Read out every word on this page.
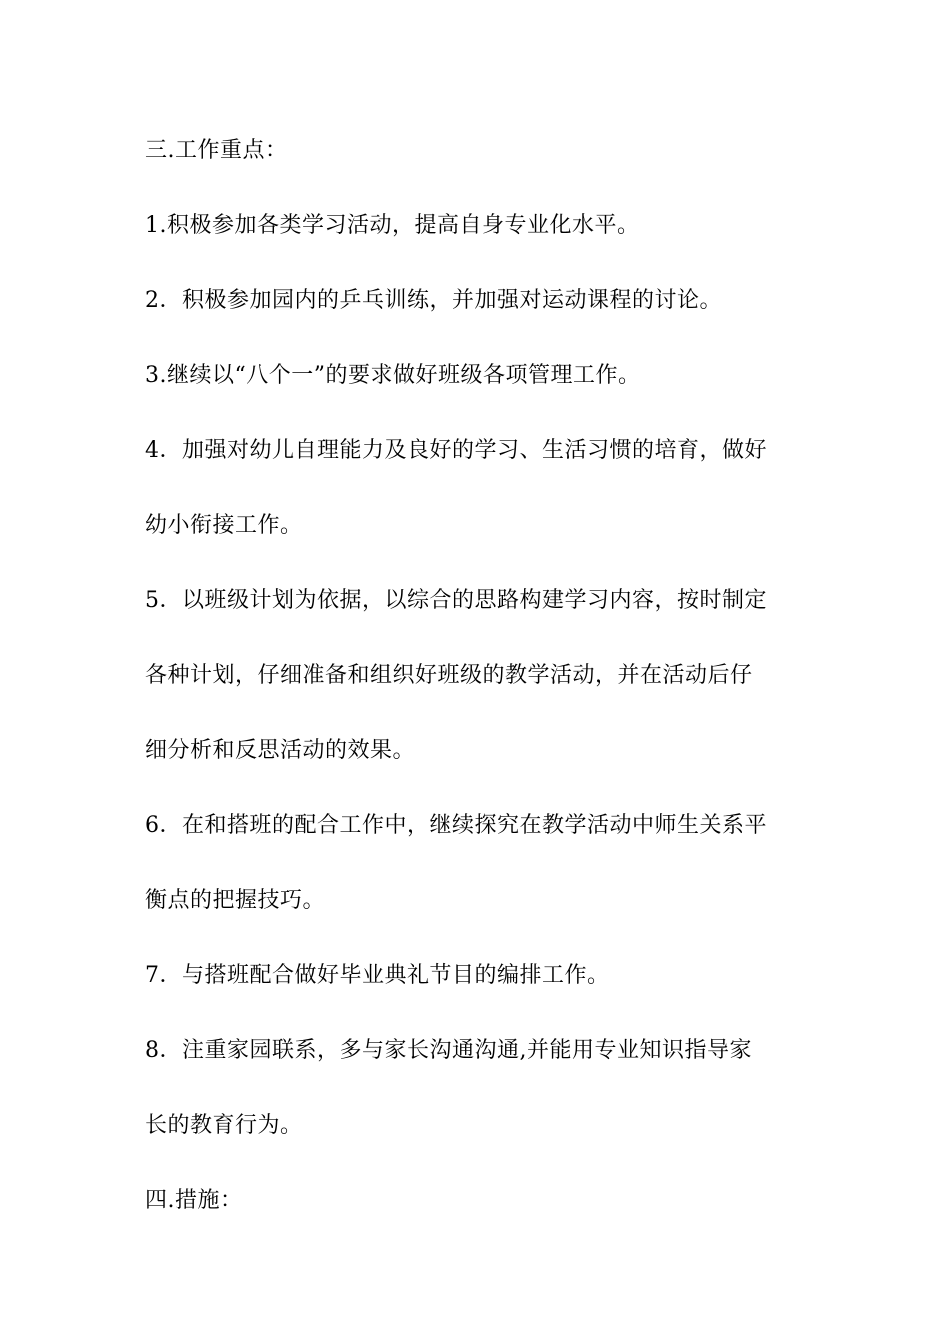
三.工作重点：
1.积极参加各类学习活动，提高自身专业化水平。
2．积极参加园内的乒乓训练，并加强对运动课程的讨论。
3.继续以“八个一”的要求做好班级各项管理工作。
4．加强对幼儿自理能力及良好的学习、生活习惯的培育，做好
幼小衔接工作。
5．以班级计划为依据，以综合的思路构建学习内容，按时制定
各种计划，仔细准备和组织好班级的教学活动，并在活动后仔
细分析和反思活动的效果。
6．在和搭班的配合工作中，继续探究在教学活动中师生关系平
衡点的把握技巧。
7．与搭班配合做好毕业典礼节目的编排工作。
8．注重家园联系，多与家长沟通沟通,并能用专业知识指导家
长的教育行为。
四.措施：
